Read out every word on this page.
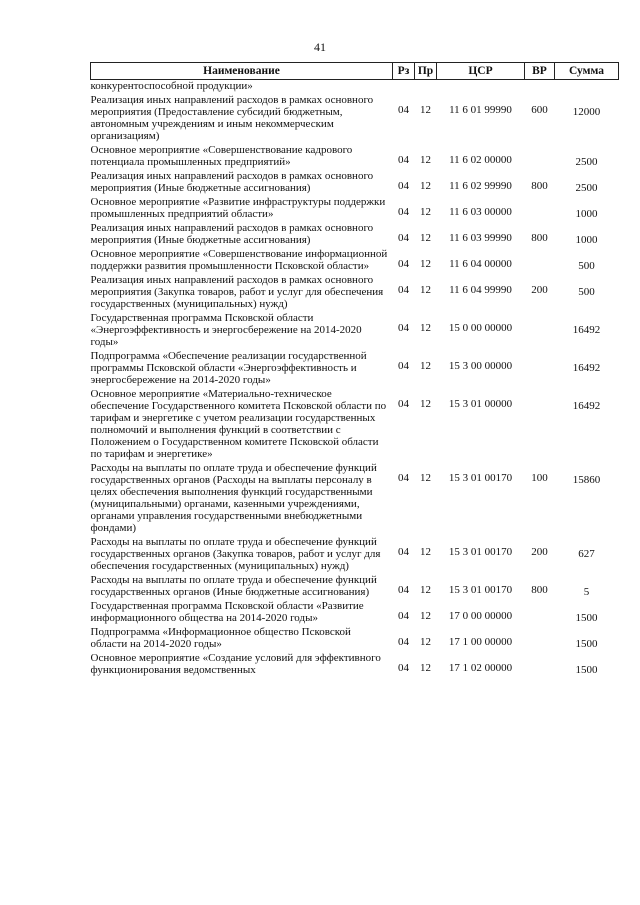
41
Наименование	Рз	Пр	ЦСР	ВР	Сумма
конкурентоспособной продукции»					
Реализация иных направлений расходов в рамках основного мероприятия (Предоставление субсидий бюджетным, автономным учреждениям и иным некоммерческим организациям)	04	12	11 6 01 99990	600	12000
Основное мероприятие «Совершенствование кадрового потенциала промышленных предприятий»	04	12	11 6 02 00000		2500
Реализация иных направлений расходов в рамках основного мероприятия (Иные бюджетные ассигнования)	04	12	11 6 02 99990	800	2500
Основное мероприятие «Развитие инфраструктуры поддержки промышленных предприятий области»	04	12	11 6 03 00000		1000
Реализация иных направлений расходов в рамках основного мероприятия (Иные бюджетные ассигнования)	04	12	11 6 03 99990	800	1000
Основное мероприятие «Совершенствование информационной поддержки развития промышленности Псковской области»	04	12	11 6 04 00000		500
Реализация иных направлений расходов в рамках основного мероприятия (Закупка товаров, работ и услуг для обеспечения государственных (муниципальных) нужд)	04	12	11 6 04 99990	200	500
Государственная программа Псковской области «Энергоэффективность и энергосбережение на 2014-2020 годы»	04	12	15 0 00 00000		16492
Подпрограмма «Обеспечение реализации государственной программы Псковской области «Энергоэффективность и энергосбережение на 2014-2020 годы»	04	12	15 3 00 00000		16492
Основное мероприятие «Материально-техническое обеспечение Государственного комитета Псковской области по тарифам и энергетике с учетом реализации государственных полномочий и выполнения функций в соответствии с Положением о Государственном комитете Псковской области по тарифам и энергетике»	04	12	15 3 01 00000		16492
Расходы на выплаты по оплате труда и обеспечение функций государственных органов (Расходы на выплаты персоналу в целях обеспечения выполнения функций государственными (муниципальными) органами, казенными учреждениями, органами управления государственными внебюджетными фондами)	04	12	15 3 01 00170	100	15860
Расходы на выплаты по оплате труда и обеспечение функций государственных органов (Закупка товаров, работ и услуг для обеспечения государственных (муниципальных) нужд)	04	12	15 3 01 00170	200	627
Расходы на выплаты по оплате труда и обеспечение функций государственных органов (Иные бюджетные ассигнования)	04	12	15 3 01 00170	800	5
Государственная программа Псковской области «Развитие информационного общества на 2014-2020 годы»	04	12	17 0 00 00000		1500
Подпрограмма «Информационное общество Псковской области на 2014-2020 годы»	04	12	17 1 00 00000		1500
Основное мероприятие «Создание условий для эффективного функционирования ведомственных	04	12	17 1 02 00000		1500
